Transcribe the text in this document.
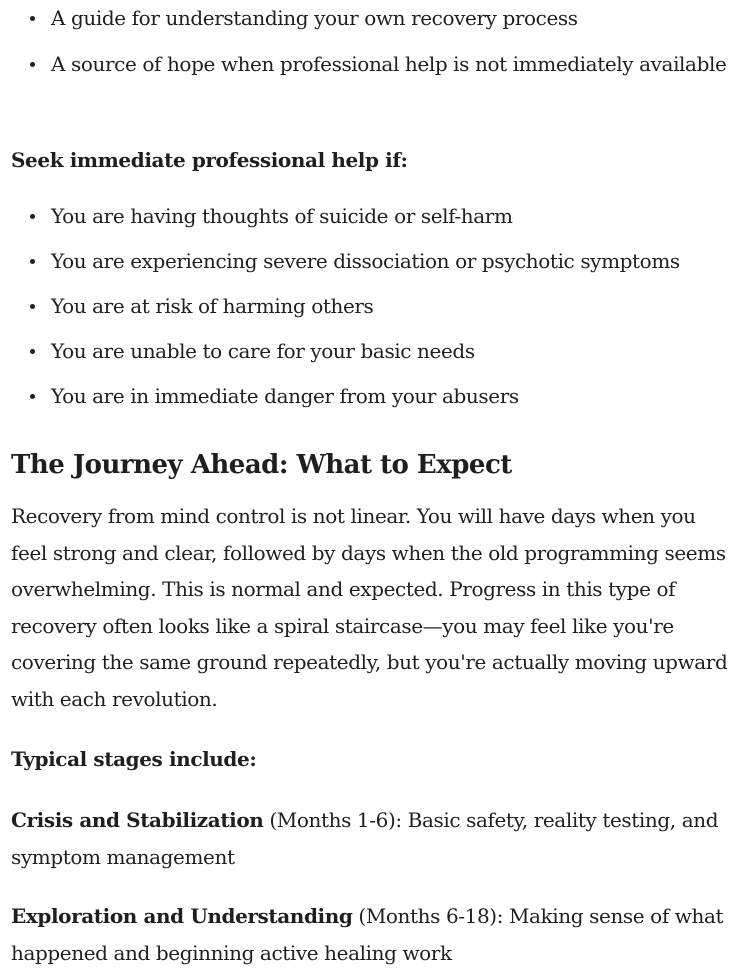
A guide for understanding your own recovery process
A source of hope when professional help is not immediately available

Seek immediate professional help if:

You are having thoughts of suicide or self-harm
You are experiencing severe dissociation or psychotic symptoms
You are at risk of harming others
You are unable to care for your basic needs
You are in immediate danger from your abusers
The Journey Ahead: What to Expect

Recovery from mind control is not linear. You will have days when you feel strong and clear, followed by days when the old programming seems overwhelming. This is normal and expected. Progress in this type of recovery often looks like a spiral staircase—you may feel like you're covering the same ground repeatedly, but you're actually moving upward with each revolution.

Typical stages include:

Crisis and Stabilization (Months 1-6): Basic safety, reality testing, and symptom management

Exploration and Understanding (Months 6-18): Making sense of what happened and beginning active healing work
